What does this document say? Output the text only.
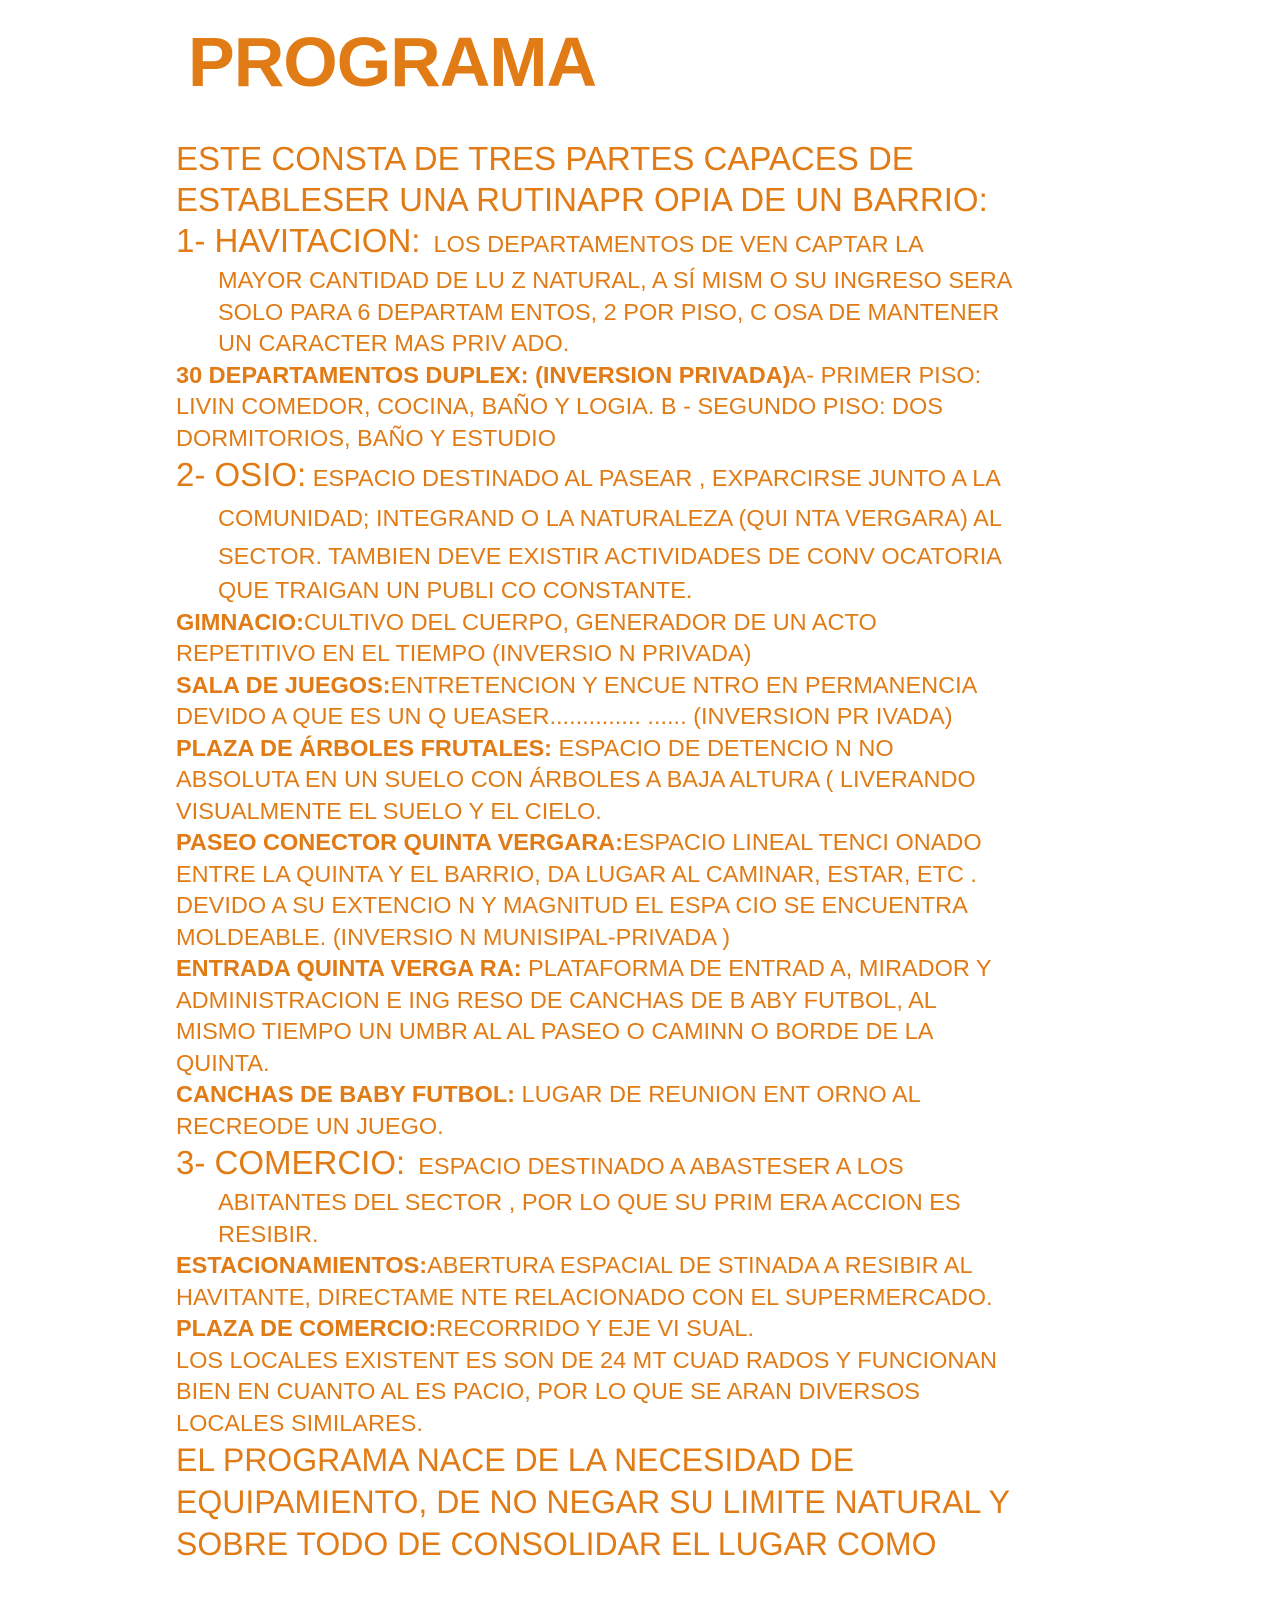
PROGRAMA

ESTE CONSTA DE TRES PARTES CAPACES DE

ESTABLESER UNA RUTINAPR OPIA DE UN BARRIO:

1- HAVITACION: LOS DEPARTAMENTOS DE VEN CAPTAR LA

MAYOR CANTIDAD DE LU Z NATURAL, A SÍ MISM O SU INGRESO SERA

SOLO PARA 6 DEPARTAM ENTOS, 2 POR PISO, C OSA DE MANTENER

UN CARACTER MAS PRIV ADO.

30 DEPARTAMENTOS DUPLEX: (INVERSION PRIVADA)A- PRIMER PISO:

LIVIN COMEDOR, COCINA, BAÑO Y LOGIA. B - SEGUNDO PISO: DOS

DORMITORIOS, BAÑO Y ESTUDIO

2- OSIO: ESPACIO DESTINADO AL PASEAR , EXPARCIRSE JUNTO A LA

COMUNIDAD; INTEGRAND O LA NATURALEZA (QUI NTA VERGARA) AL

SECTOR. TAMBIEN DEVE EXISTIR ACTIVIDADES DE CONV OCATORIA

QUE TRAIGAN UN PUBLI CO CONSTANTE.

GIMNACIO:CULTIVO DEL CUERPO, GENERADOR DE UN ACTO

REPETITIVO EN EL TIEMPO (INVERSIO N PRIVADA)

SALA DE JUEGOS:ENTRETENCION Y ENCUE NTRO EN PERMANENCIA

DEVIDO A QUE ES UN Q UEASER.............. ...... (INVERSION PR IVADA)

PLAZA DE ÁRBOLES FRUTALES: ESPACIO DE DETENCIO N NO

ABSOLUTA EN UN SUELO CON ÁRBOLES A BAJA ALTURA ( LIVERANDO

VISUALMENTE EL SUELO Y EL CIELO.

PASEO CONECTOR QUINTA VERGARA:ESPACIO LINEAL TENCI ONADO

ENTRE LA QUINTA Y EL BARRIO, DA LUGAR AL CAMINAR, ESTAR, ETC .

DEVIDO A SU EXTENCIO N Y MAGNITUD EL ESPA CIO SE ENCUENTRA

MOLDEABLE. (INVERSIO N MUNISIPAL-PRIVADA )

ENTRADA QUINTA VERGA RA: PLATAFORMA DE ENTRAD A, MIRADOR Y

ADMINISTRACION E ING RESO DE CANCHAS DE B ABY FUTBOL, AL

MISMO TIEMPO UN UMBR AL AL PASEO O CAMINN O BORDE DE LA

QUINTA.

CANCHAS DE BABY FUTBOL: LUGAR DE REUNION ENT ORNO AL

RECREODE UN JUEGO.

3- COMERCIO: ESPACIO DESTINADO A ABASTESER A LOS

ABITANTES DEL SECTOR , POR LO QUE SU PRIM ERA ACCION ES

RESIBIR.

ESTACIONAMIENTOS:ABERTURA ESPACIAL DE STINADA A RESIBIR AL

HAVITANTE, DIRECTAME NTE RELACIONADO CON EL SUPERMERCADO.

PLAZA DE COMERCIO:RECORRIDO Y EJE VI SUAL.

LOS LOCALES EXISTENT ES SON DE 24 MT CUAD RADOS Y FUNCIONAN

BIEN EN CUANTO AL ES PACIO, POR LO QUE SE ARAN DIVERSOS

LOCALES SIMILARES.

EL PROGRAMA NACE DE LA NECESIDAD DE

EQUIPAMIENTO, DE NO NEGAR SU LIMITE NATURAL Y

SOBRE TODO DE CONSOLIDAR EL LUGAR COMO
